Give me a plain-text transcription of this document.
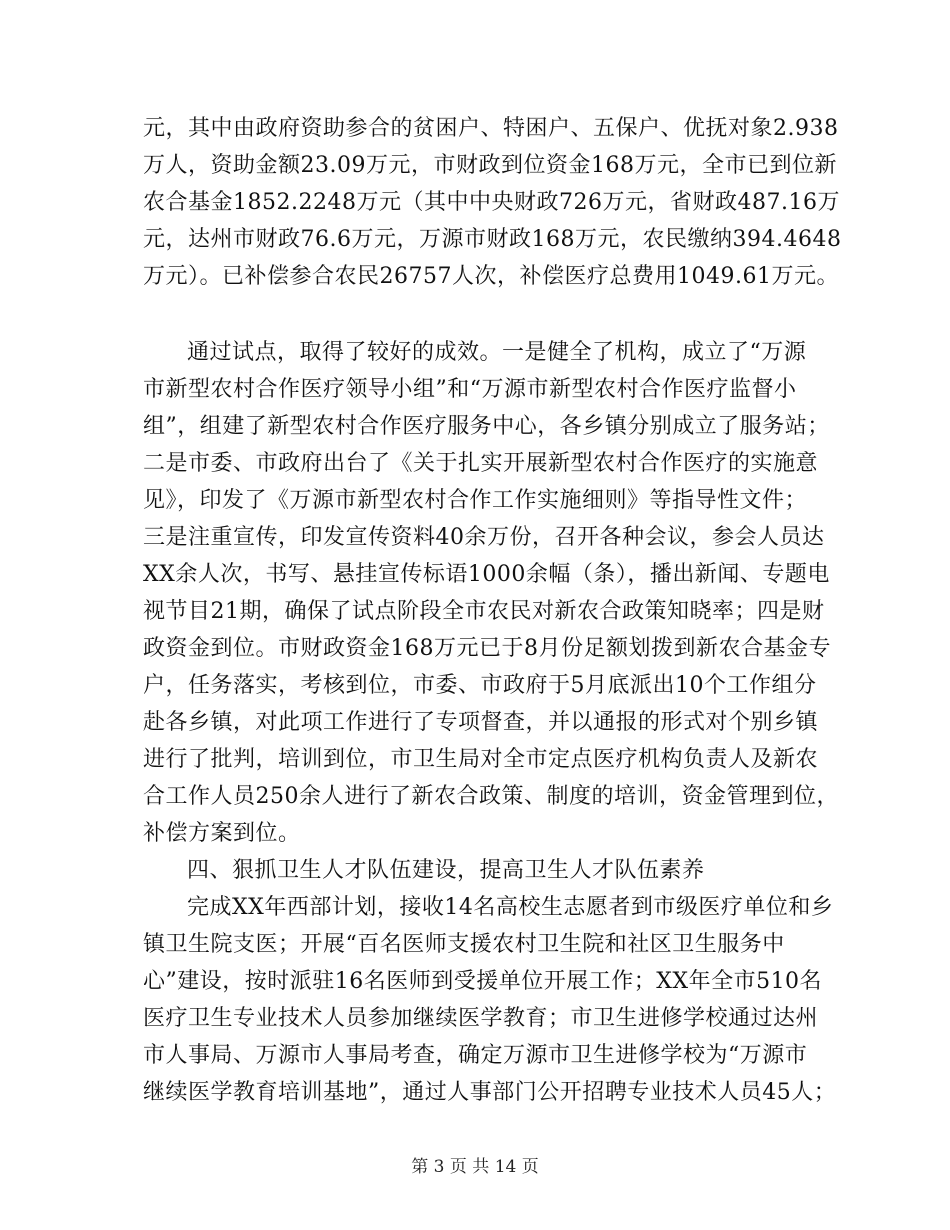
元，其中由政府资助参合的贫困户、特困户、五保户、优抚对象2.938
万人，资助金额23.09万元，市财政到位资金168万元，全市已到位新
农合基金1852.2248万元（其中中央财政726万元，省财政487.16万
元，达州市财政76.6万元，万源市财政168万元，农民缴纳394.4648
万元）。已补偿参合农民26757人次，补偿医疗总费用1049.61万元。
通过试点，取得了较好的成效。一是健全了机构，成立了“万源
市新型农村合作医疗领导小组”和“万源市新型农村合作医疗监督小
组”，组建了新型农村合作医疗服务中心，各乡镇分别成立了服务站；
二是市委、市政府出台了《关于扎实开展新型农村合作医疗的实施意
见》，印发了《万源市新型农村合作工作实施细则》等指导性文件；
三是注重宣传，印发宣传资料40余万份，召开各种会议，参会人员达
XX余人次，书写、悬挂宣传标语1000余幅（条），播出新闻、专题电
视节目21期，确保了试点阶段全市农民对新农合政策知晓率；四是财
政资金到位。市财政资金168万元已于8月份足额划拨到新农合基金专
户，任务落实，考核到位，市委、市政府于5月底派出10个工作组分
赴各乡镇，对此项工作进行了专项督查，并以通报的形式对个别乡镇
进行了批判，培训到位，市卫生局对全市定点医疗机构负责人及新农
合工作人员250余人进行了新农合政策、制度的培训，资金管理到位，
补偿方案到位。
四、狠抓卫生人才队伍建设，提高卫生人才队伍素养
完成XX年西部计划，接收14名高校生志愿者到市级医疗单位和乡
镇卫生院支医；开展“百名医师支援农村卫生院和社区卫生服务中
心”建设，按时派驻16名医师到受援单位开展工作；XX年全市510名
医疗卫生专业技术人员参加继续医学教育；市卫生进修学校通过达州
市人事局、万源市人事局考查，确定万源市卫生进修学校为“万源市
继续医学教育培训基地”，通过人事部门公开招聘专业技术人员45人；
第 3 页 共 14 页
